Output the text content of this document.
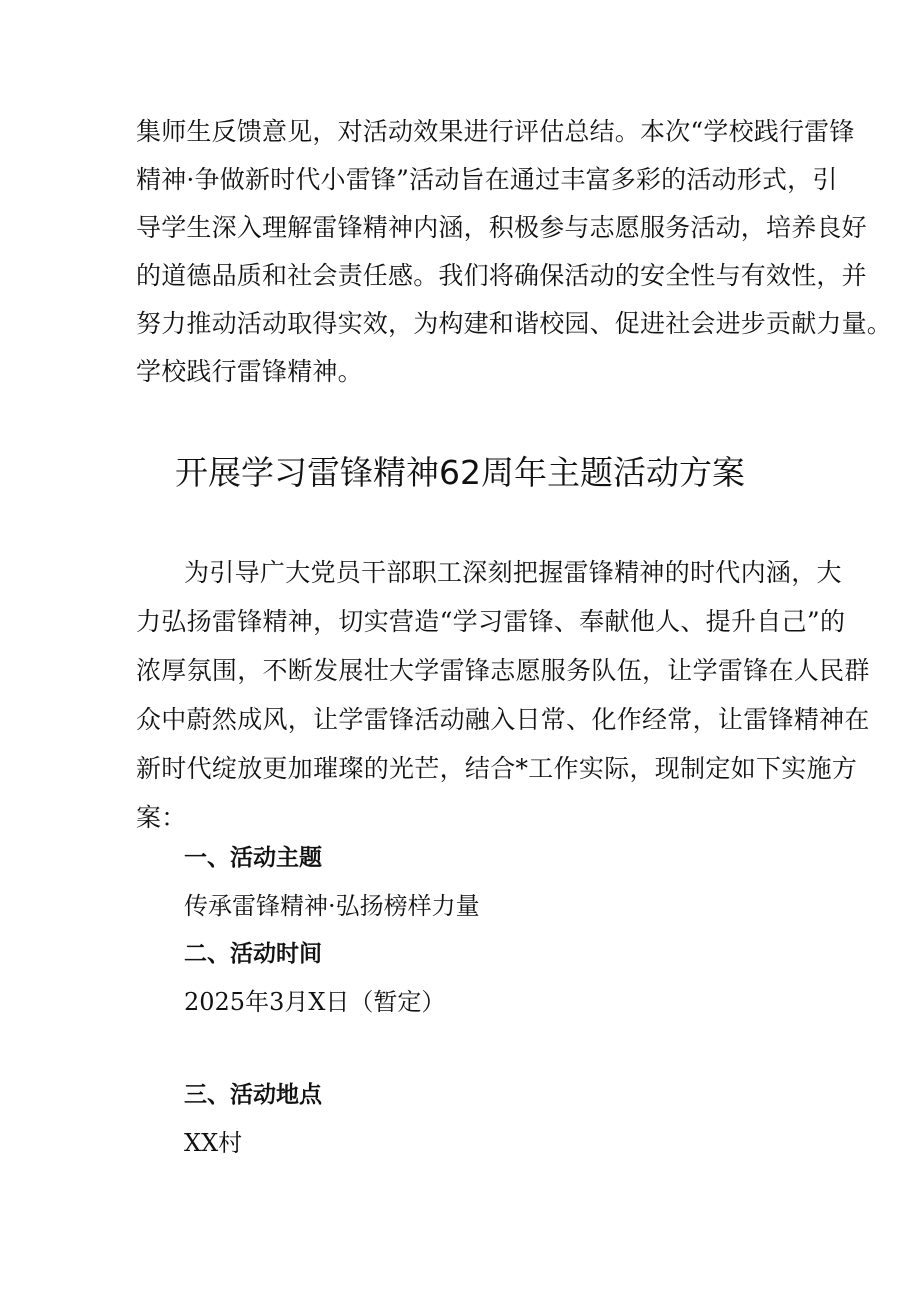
集师生反馈意见，对活动效果进行评估总结。本次“学校践行雷锋
精神·争做新时代小雷锋”活动旨在通过丰富多彩的活动形式，引
导学生深入理解雷锋精神内涵，积极参与志愿服务活动，培养良好
的道德品质和社会责任感。我们将确保活动的安全性与有效性，并
努力推动活动取得实效，为构建和谐校园、促进社会进步贡献力量。
学校践行雷锋精神。
开展学习雷锋精神62周年主题活动方案
为引导广大党员干部职工深刻把握雷锋精神的时代内涵，大
力弘扬雷锋精神，切实营造“学习雷锋、奉献他人、提升自己”的
浓厚氛围，不断发展壮大学雷锋志愿服务队伍，让学雷锋在人民群
众中蔚然成风，让学雷锋活动融入日常、化作经常，让雷锋精神在
新时代绽放更加璀璨的光芒，结合*工作实际，现制定如下实施方
案：
一、活动主题
传承雷锋精神·弘扬榜样力量
二、活动时间
2025年3月X日（暂定）
三、活动地点
XX村
